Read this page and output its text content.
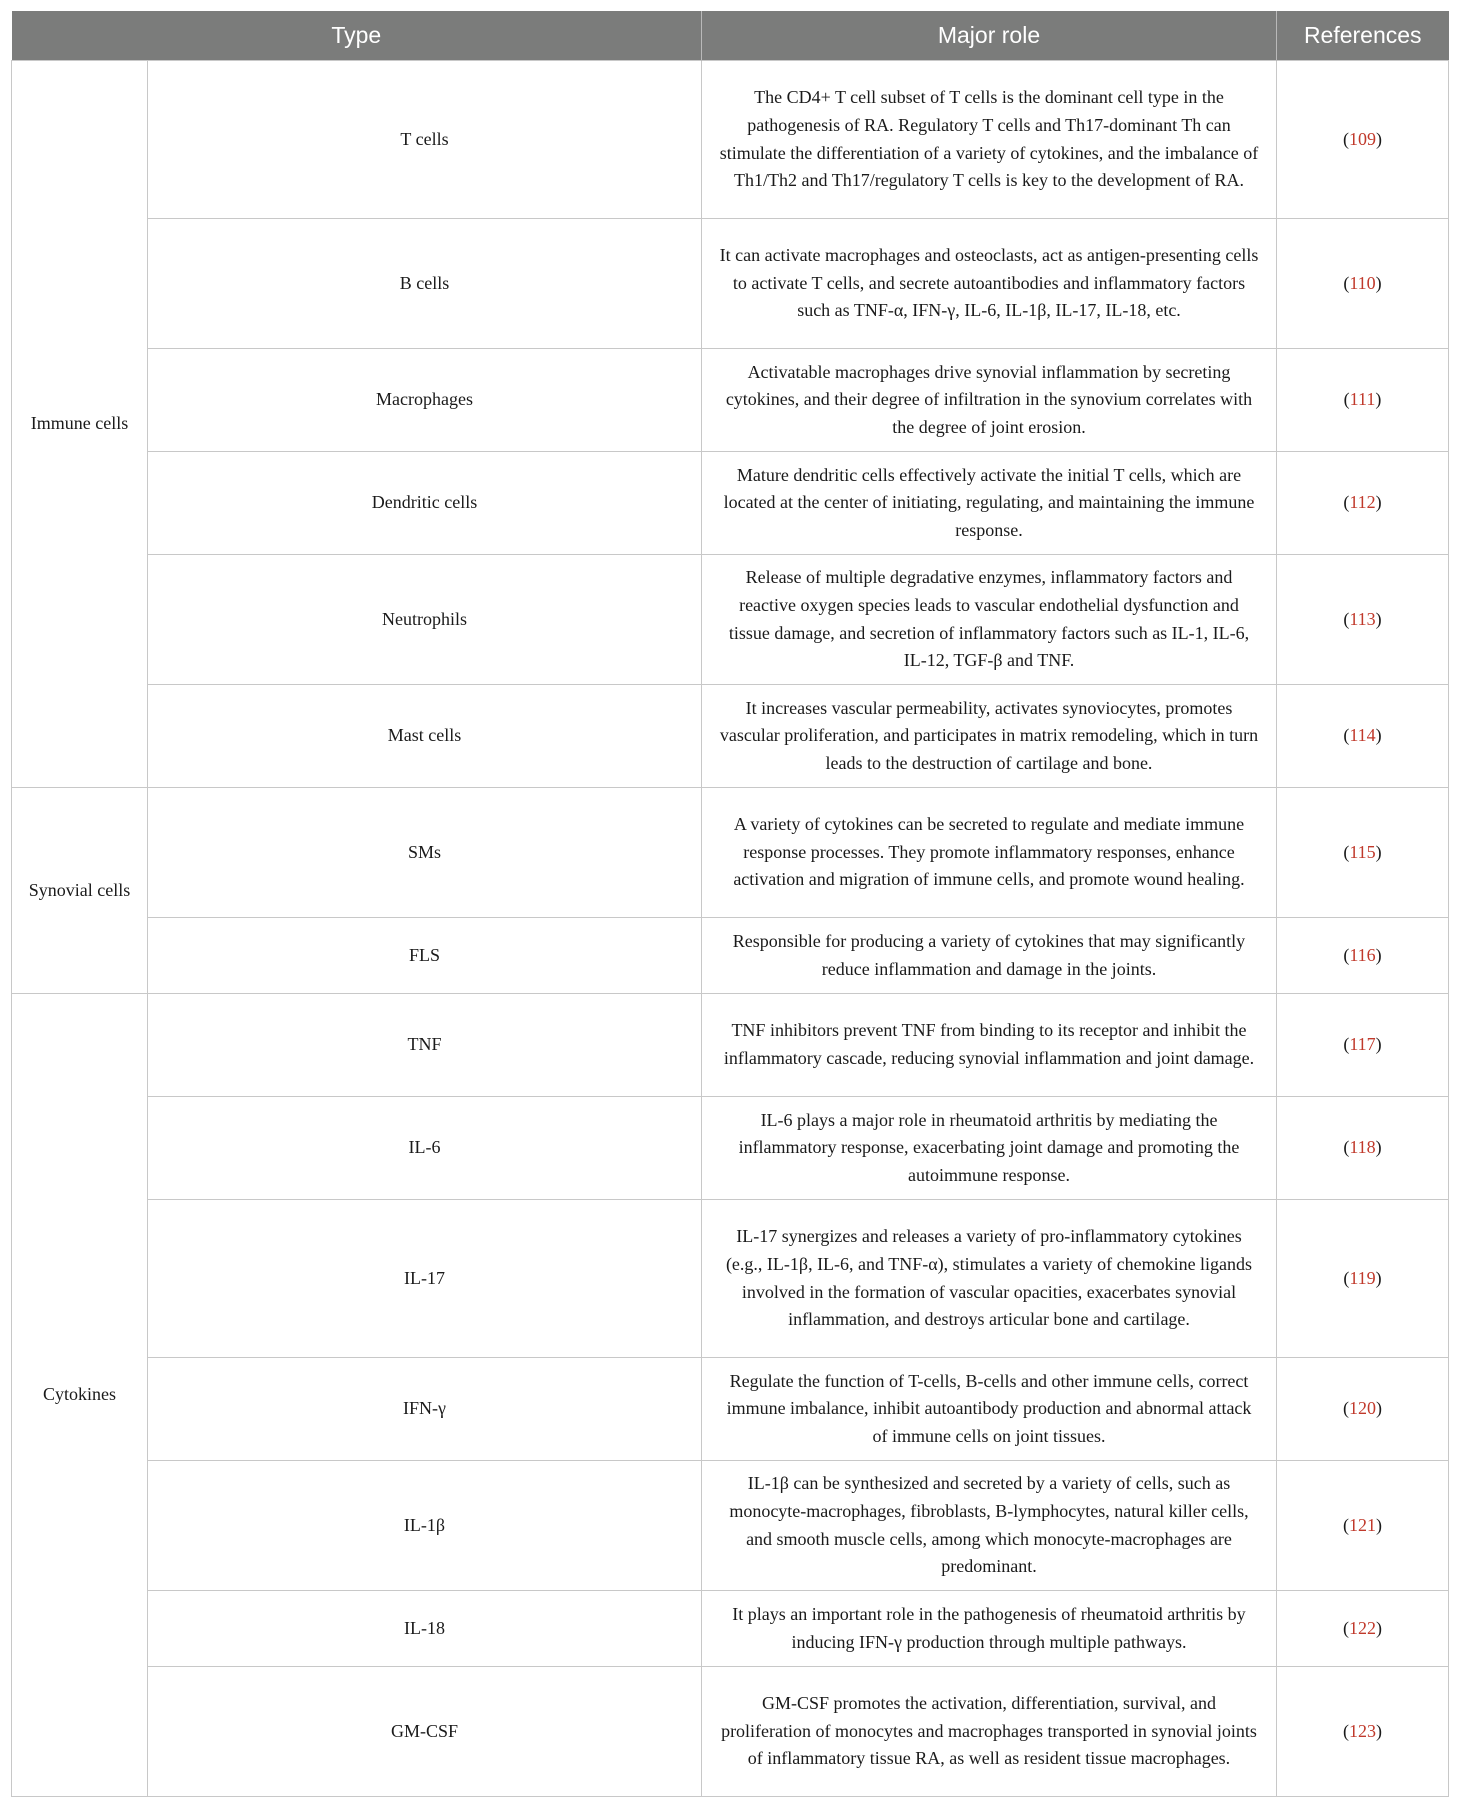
Type		Major role	References
Immune cells	T cells	The CD4+ T cell subset of T cells is the dominant cell type in the pathogenesis of RA. Regulatory T cells and Th17-dominant Th can stimulate the differentiation of a variety of cytokines, and the imbalance of Th1/Th2 and Th17/regulatory T cells is key to the development of RA.	(109)
	B cells	It can activate macrophages and osteoclasts, act as antigen-presenting cells to activate T cells, and secrete autoantibodies and inflammatory factors such as TNF-α, IFN-γ, IL-6, IL-1β, IL-17, IL-18, etc.	(110)
	Macrophages	Activatable macrophages drive synovial inflammation by secreting cytokines, and their degree of infiltration in the synovium correlates with the degree of joint erosion.	(111)
	Dendritic cells	Mature dendritic cells effectively activate the initial T cells, which are located at the center of initiating, regulating, and maintaining the immune response.	(112)
	Neutrophils	Release of multiple degradative enzymes, inflammatory factors and reactive oxygen species leads to vascular endothelial dysfunction and tissue damage, and secretion of inflammatory factors such as IL-1, IL-6, IL-12, TGF-β and TNF.	(113)
	Mast cells	It increases vascular permeability, activates synoviocytes, promotes vascular proliferation, and participates in matrix remodeling, which in turn leads to the destruction of cartilage and bone.	(114)
Synovial cells	SMs	A variety of cytokines can be secreted to regulate and mediate immune response processes. They promote inflammatory responses, enhance activation and migration of immune cells, and promote wound healing.	(115)
	FLS	Responsible for producing a variety of cytokines that may significantly reduce inflammation and damage in the joints.	(116)
Cytokines	TNF	TNF inhibitors prevent TNF from binding to its receptor and inhibit the inflammatory cascade, reducing synovial inflammation and joint damage.	(117)
	IL-6	IL-6 plays a major role in rheumatoid arthritis by mediating the inflammatory response, exacerbating joint damage and promoting the autoimmune response.	(118)
	IL-17	IL-17 synergizes and releases a variety of pro-inflammatory cytokines (e.g., IL-1β, IL-6, and TNF-α), stimulates a variety of chemokine ligands involved in the formation of vascular opacities, exacerbates synovial inflammation, and destroys articular bone and cartilage.	(119)
	IFN-γ	Regulate the function of T-cells, B-cells and other immune cells, correct immune imbalance, inhibit autoantibody production and abnormal attack of immune cells on joint tissues.	(120)
	IL-1β	IL-1β can be synthesized and secreted by a variety of cells, such as monocyte-macrophages, fibroblasts, B-lymphocytes, natural killer cells, and smooth muscle cells, among which monocyte-macrophages are predominant.	(121)
	IL-18	It plays an important role in the pathogenesis of rheumatoid arthritis by inducing IFN-γ production through multiple pathways.	(122)
	GM-CSF	GM-CSF promotes the activation, differentiation, survival, and proliferation of monocytes and macrophages transported in synovial joints of inflammatory tissue RA, as well as resident tissue macrophages.	(123)
